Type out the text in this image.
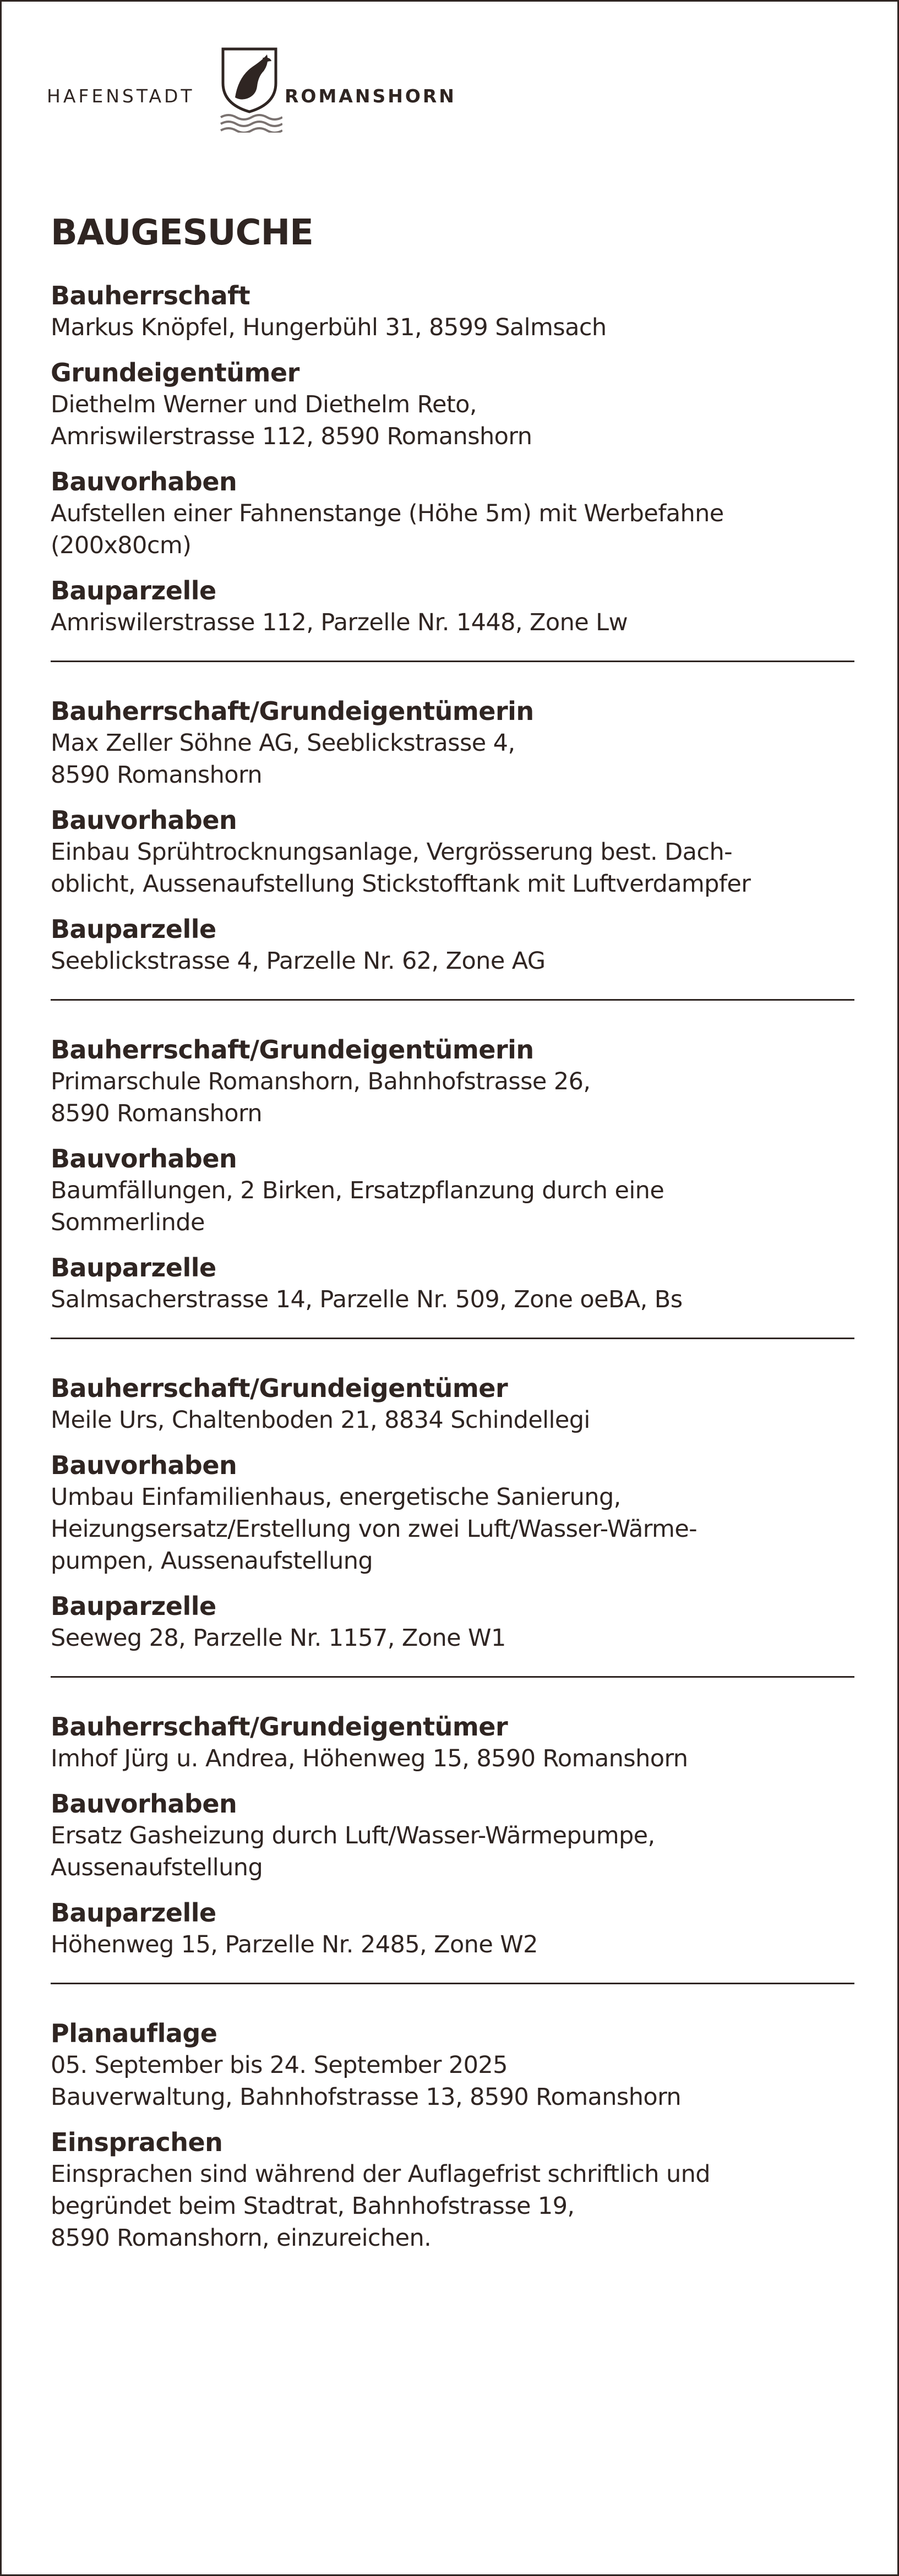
HAFENSTADT	ROMANSHORN
BAUGESUCHE
Bauherrschaft
Markus Knöpfel, Hungerbühl 31, 8599 Salmsach
Grundeigentümer
Diethelm Werner und Diethelm Reto,
Amriswilerstrasse 112, 8590 Romanshorn
Bauvorhaben
Aufstellen einer Fahnenstange (Höhe 5m) mit Werbefahne
(200x80cm)
Bauparzelle
Amriswilerstrasse 112, Parzelle Nr. 1448, Zone Lw
Bauherrschaft/Grundeigentümerin
Max Zeller Söhne AG, Seeblickstrasse 4,
8590 Romanshorn
Bauvorhaben
Einbau Sprühtrocknungsanlage, Vergrösserung best. Dach-
oblicht, Aussenaufstellung Stickstofftank mit Luftverdampfer
Bauparzelle
Seeblickstrasse 4, Parzelle Nr. 62, Zone AG
Bauherrschaft/Grundeigentümerin
Primarschule Romanshorn, Bahnhofstrasse 26,
8590 Romanshorn
Bauvorhaben
Baumfällungen, 2 Birken, Ersatzpflanzung durch eine
Sommerlinde
Bauparzelle
Salmsacherstrasse 14, Parzelle Nr. 509, Zone oeBA, Bs
Bauherrschaft/Grundeigentümer
Meile Urs, Chaltenboden 21, 8834 Schindellegi
Bauvorhaben
Umbau Einfamilienhaus, energetische Sanierung,
Heizungsersatz/Erstellung von zwei Luft/Wasser-Wärme-
pumpen, Aussenaufstellung
Bauparzelle
Seeweg 28, Parzelle Nr. 1157, Zone W1
Bauherrschaft/Grundeigentümer
Imhof Jürg u. Andrea, Höhenweg 15, 8590 Romanshorn
Bauvorhaben
Ersatz Gasheizung durch Luft/Wasser-Wärmepumpe,
Aussenaufstellung
Bauparzelle
Höhenweg 15, Parzelle Nr. 2485, Zone W2
Planauflage
05. September bis 24. September 2025
Bauverwaltung, Bahnhofstrasse 13, 8590 Romanshorn
Einsprachen
Einsprachen sind während der Auflagefrist schriftlich und
begründet beim Stadtrat, Bahnhofstrasse 19,
8590 Romanshorn, einzureichen.
